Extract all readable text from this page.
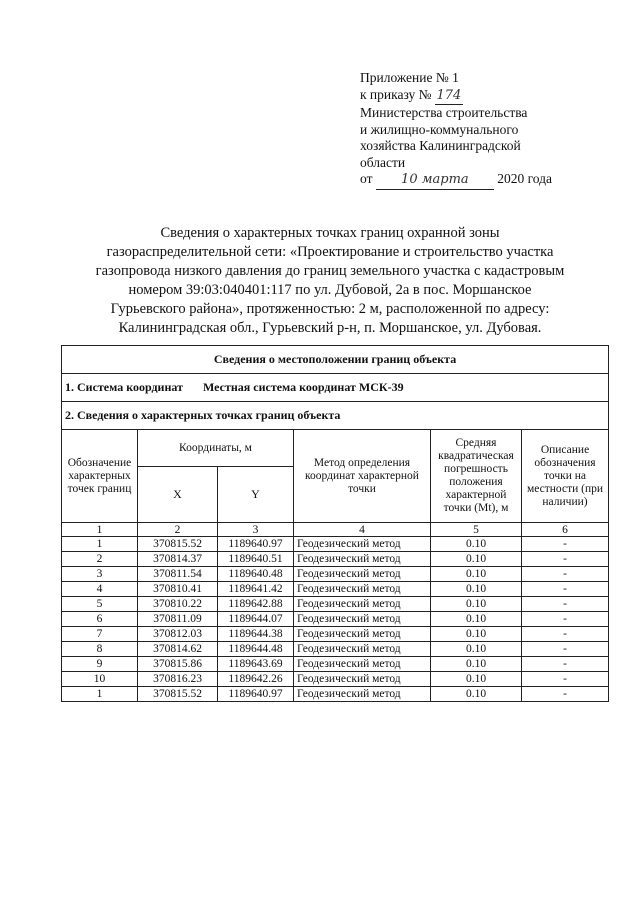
Приложение № 1
к приказу № 174
Министерства строительства
и жилищно-коммунального
хозяйства Калининградской
области
от 10 марта 2020 года
Сведения о характерных точках границ охранной зоны
газораспределительной сети: «Проектирование и строительство участка
газопровода низкого давления до границ земельного участка с кадастровым
номером 39:03:040401:117 по ул. Дубовой, 2а в пос. Моршанское
Гурьевского района», протяженностью: 2 м, расположенной по адресу:
Калининградская обл., Гурьевский р-н, п. Моршанское, ул. Дубовая.
Сведения о местоположении границ объекта					
1. Система координат Местная система координат МСК-39					
2. Сведения о характерных точках границ объекта					
Обозначение характерных точек границ	Координаты, м		Метод определения координат характерной точки	Средняя квадратическая погрешность положения характерной точки (Mt), м	Описание обозначения точки на местности (при наличии)
	X	Y			
1	2	3	4	5	6
1	370815.52	1189640.97	Геодезический метод	0.10	-
2	370814.37	1189640.51	Геодезический метод	0.10	-
3	370811.54	1189640.48	Геодезический метод	0.10	-
4	370810.41	1189641.42	Геодезический метод	0.10	-
5	370810.22	1189642.88	Геодезический метод	0.10	-
6	370811.09	1189644.07	Геодезический метод	0.10	-
7	370812.03	1189644.38	Геодезический метод	0.10	-
8	370814.62	1189644.48	Геодезический метод	0.10	-
9	370815.86	1189643.69	Геодезический метод	0.10	-
10	370816.23	1189642.26	Геодезический метод	0.10	-
1	370815.52	1189640.97	Геодезический метод	0.10	-
